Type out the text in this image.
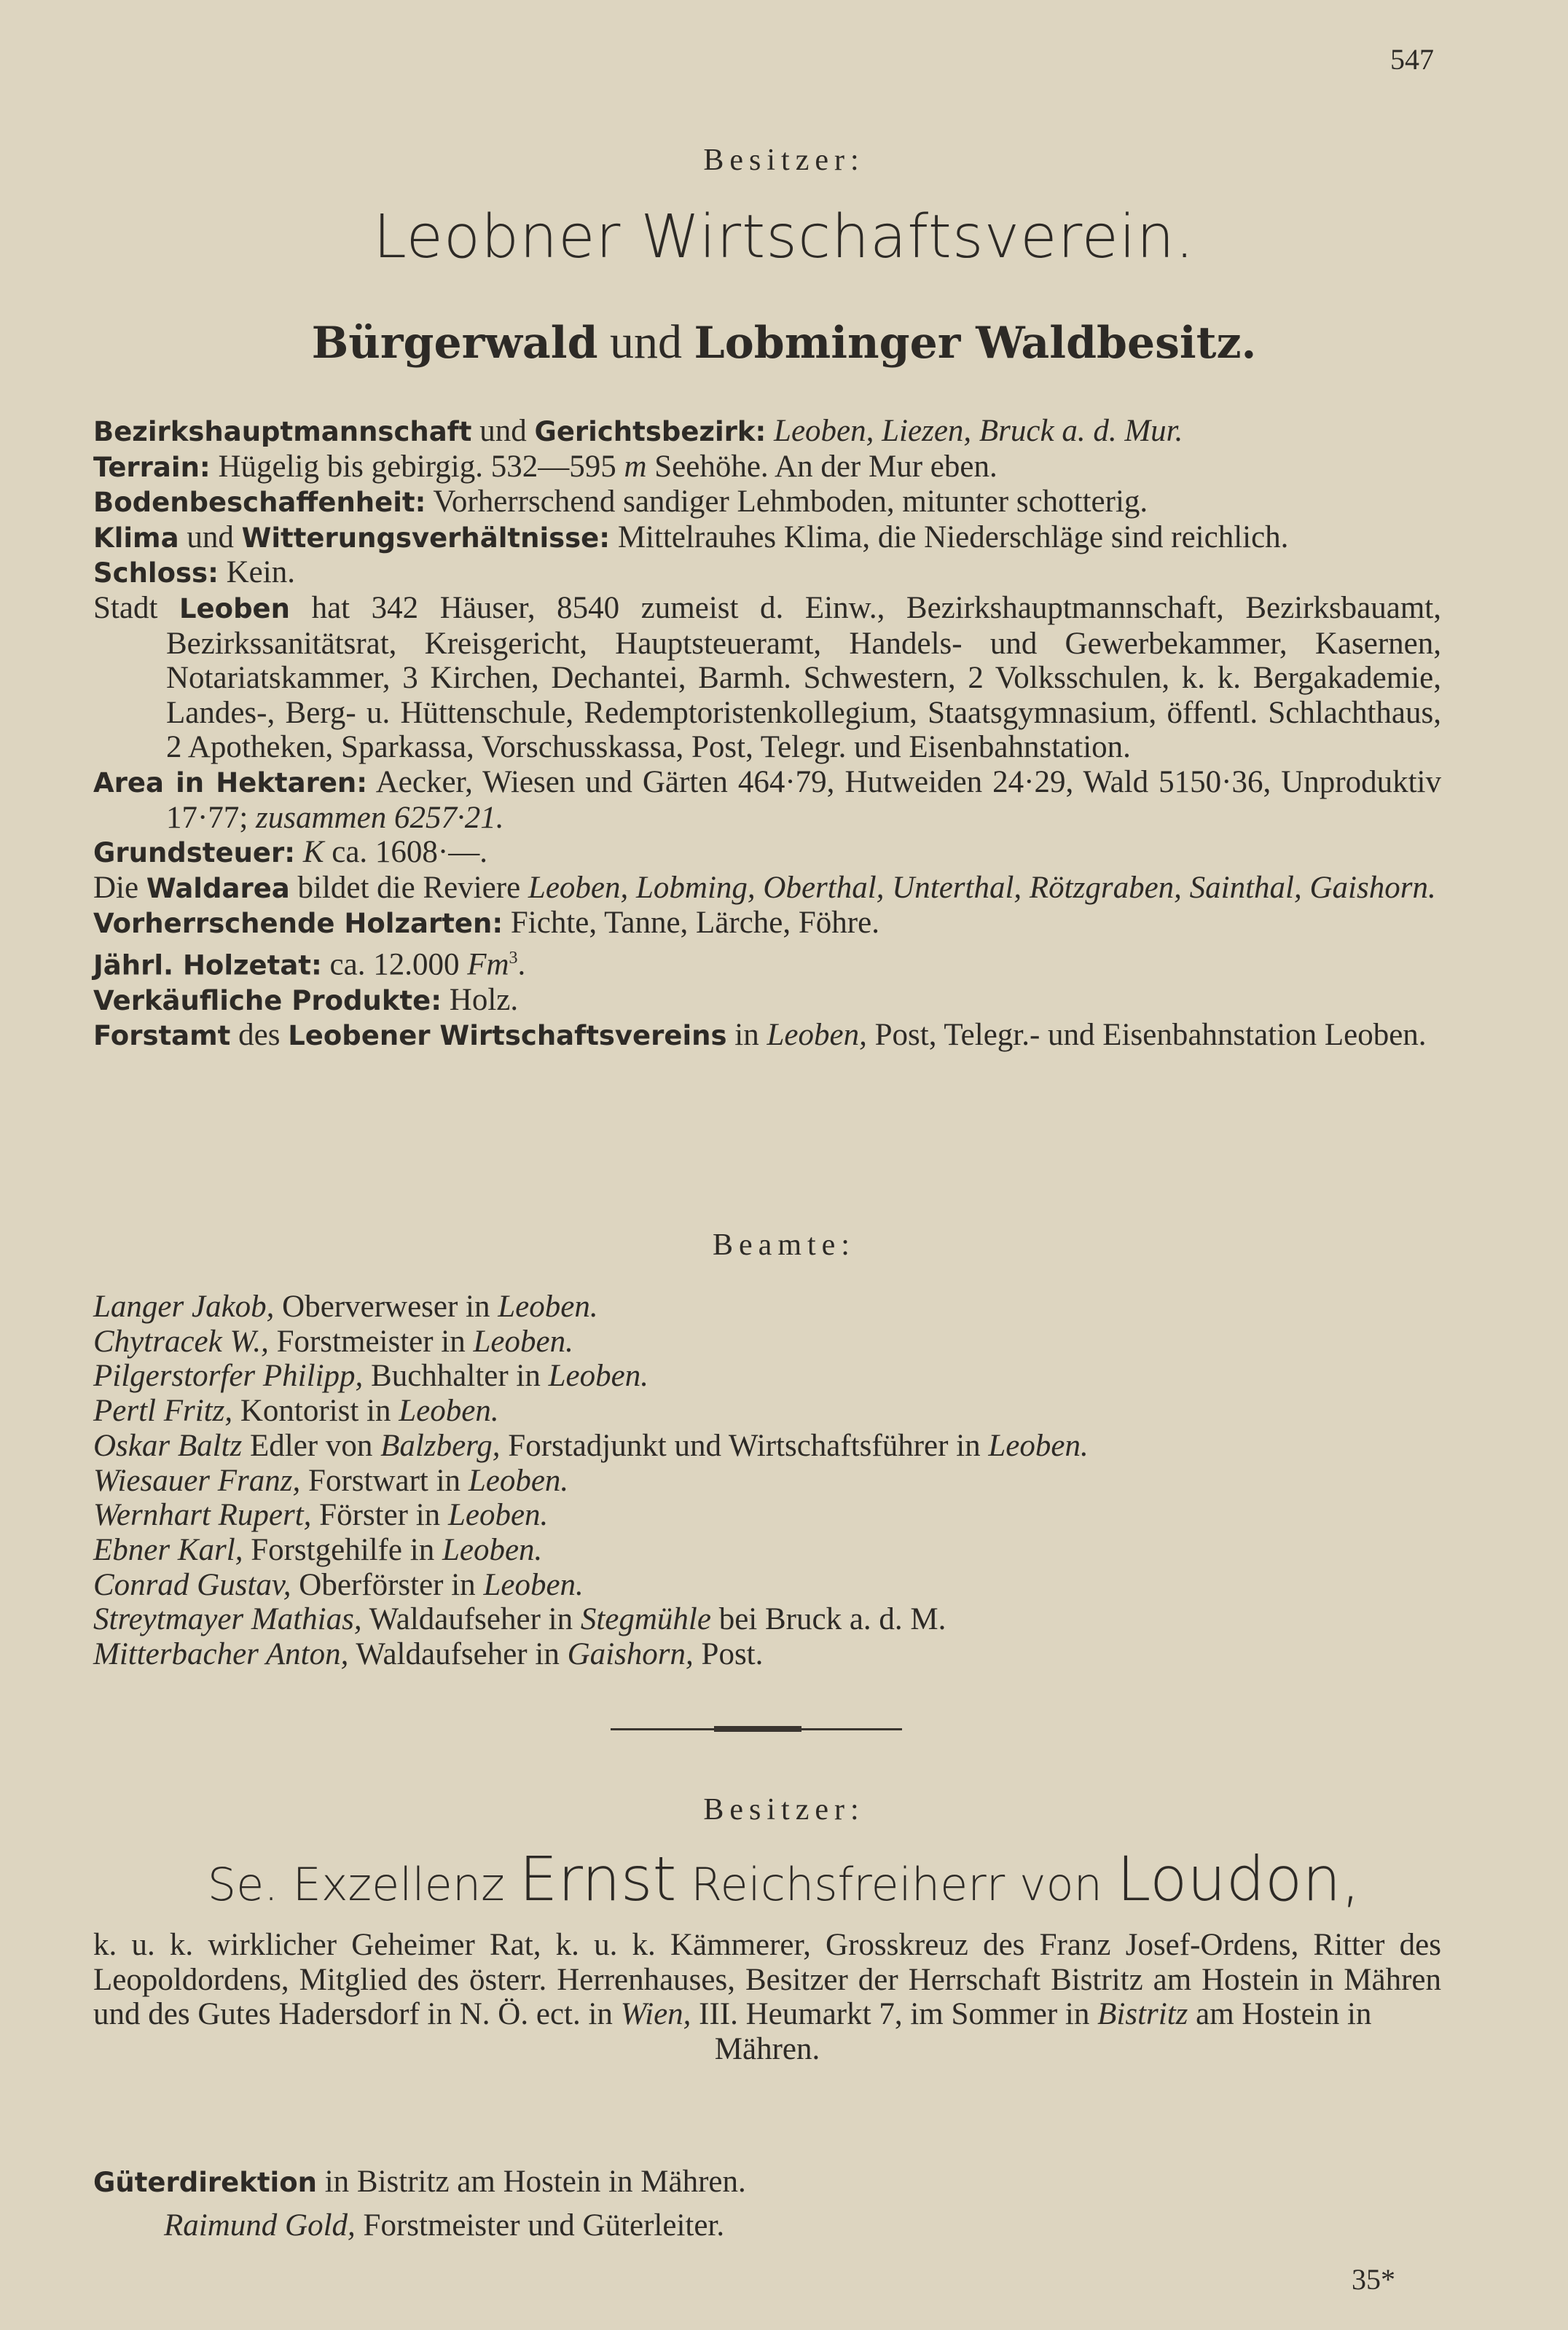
547
Besitzer:
Leobner Wirtschaftsverein.
Bürgerwald und Lobminger Waldbesitz.

Bezirkshauptmannschaft und Gerichtsbezirk: Leoben, Liezen, Bruck a. d. Mur.

Terrain: Hügelig bis gebirgig. 532—595 m Seehöhe. An der Mur eben.

Bodenbeschaffenheit: Vorherrschend sandiger Lehmboden, mitunter schotterig.

Klima und Witterungsverhältnisse: Mittelrauhes Klima, die Niederschläge sind reichlich.

Schloss: Kein.

Stadt Leoben hat 342 Häuser, 8540 zumeist d. Einw., Bezirkshauptmannschaft, Bezirksbauamt, Bezirkssanitätsrat, Kreisgericht, Hauptsteueramt, Handels- und Gewerbekammer, Kasernen, Notariatskammer, 3 Kirchen, Dechantei, Barmh. Schwestern, 2 Volksschulen, k. k. Bergakademie, Landes-, Berg- u. Hüttenschule, Redemptoristenkollegium, Staatsgymnasium, öffentl. Schlachthaus, 2 Apotheken, Sparkassa, Vorschusskassa, Post, Telegr. und Eisenbahnstation.

Area in Hektaren: Aecker, Wiesen und Gärten 464·79, Hutweiden 24·29, Wald 5150·36, Unproduktiv 17·77; zusammen 6257·21.

Grundsteuer: K ca. 1608·—.

Die Waldarea bildet die Reviere Leoben, Lobming, Oberthal, Unterthal, Rötzgraben, Sainthal, Gaishorn.

Vorherrschende Holzarten: Fichte, Tanne, Lärche, Föhre.

Jährl. Holzetat: ca. 12.000 Fm$^3$.

Verkäufliche Produkte: Holz.

Forstamt des Leobener Wirtschaftsvereins in Leoben, Post, Telegr.- und Eisenbahnstation Leoben.

Beamte:
Langer Jakob, Oberverweser in Leoben.
Chytracek W., Forstmeister in Leoben.
Pilgerstorfer Philipp, Buchhalter in Leoben.
Pertl Fritz, Kontorist in Leoben.
Oskar Baltz Edler von Balzberg, Forstadjunkt und Wirtschaftsführer in Leoben.
Wiesauer Franz, Forstwart in Leoben.
Wernhart Rupert, Förster in Leoben.
Ebner Karl, Forstgehilfe in Leoben.
Conrad Gustav, Oberförster in Leoben.
Streytmayer Mathias, Waldaufseher in Stegmühle bei Bruck a. d. M.
Mitterbacher Anton, Waldaufseher in Gaishorn, Post.
Besitzer:
Se. Exzellenz Ernst Reichsfreiherr von Loudon,
k. u. k. wirklicher Geheimer Rat, k. u. k. Kämmerer, Grosskreuz des Franz Josef-Ordens, Ritter des Leopoldordens, Mitglied des österr. Herrenhauses, Besitzer der Herrschaft Bistritz am Hostein in Mähren und des Gutes Hadersdorf in N. Ö. ect. in Wien, III. Heumarkt 7, im Sommer in Bistritz am Hostein in
Mähren.
Güterdirektion in Bistritz am Hostein in Mähren.
Raimund Gold, Forstmeister und Güterleiter.
35*
